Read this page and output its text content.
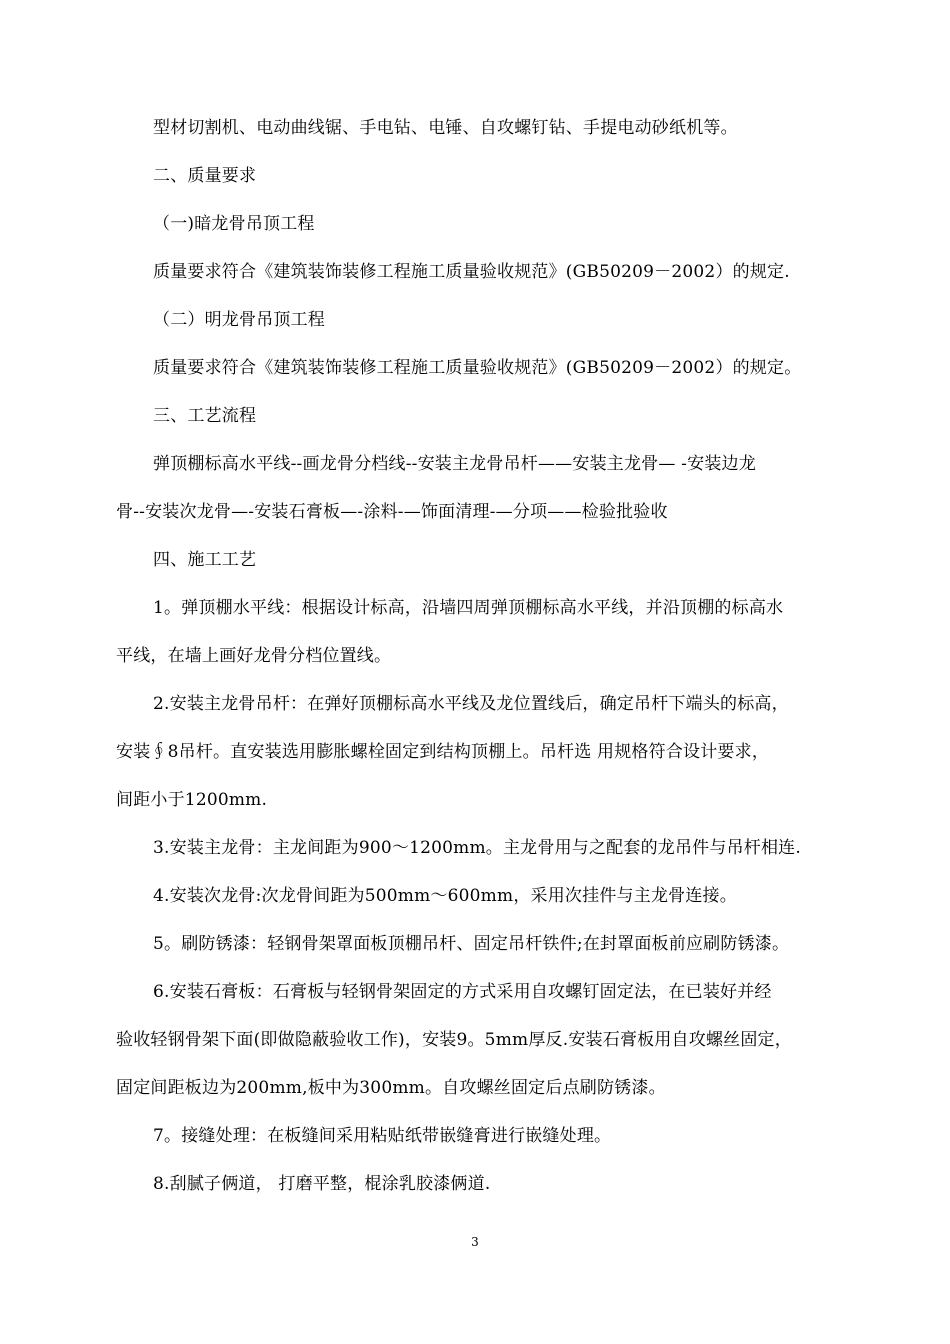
型材切割机、电动曲线锯、手电钻、电锤、自攻螺钉钻、手提电动砂纸机等。
二、质量要求
（一)暗龙骨吊顶工程
质量要求符合《建筑装饰装修工程施工质量验收规范》(GB50209－2002）的规定.
（二）明龙骨吊顶工程
质量要求符合《建筑装饰装修工程施工质量验收规范》(GB50209－2002）的规定。
三、工艺流程
弹顶棚标高水平线--画龙骨分档线--安装主龙骨吊杆——安装主龙骨— -安装边龙
骨--安装次龙骨—-安装石膏板—-涂料-—饰面清理-—分项——检验批验收
四、施工工艺
1。弹顶棚水平线：根据设计标高，沿墙四周弹顶棚标高水平线，并沿顶棚的标高水
平线，在墙上画好龙骨分档位置线。
2.安装主龙骨吊杆：在弹好顶棚标高水平线及龙位置线后，确定吊杆下端头的标高，
安装∮8吊杆。直安装选用膨胀螺栓固定到结构顶棚上。吊杆选 用规格符合设计要求，
间距小于1200mm.
3.安装主龙骨：主龙间距为900～1200mm。主龙骨用与之配套的龙吊件与吊杆相连.
4.安装次龙骨:次龙骨间距为500mm～600mm，采用次挂件与主龙骨连接。
5。刷防锈漆：轻钢骨架罩面板顶棚吊杆、固定吊杆铁件;在封罩面板前应刷防锈漆。
6.安装石膏板：石膏板与轻钢骨架固定的方式采用自攻螺钉固定法，在已装好并经
验收轻钢骨架下面(即做隐蔽验收工作)，安装9。5mm厚反.安装石膏板用自攻螺丝固定，
固定间距板边为200mm,板中为300mm。自攻螺丝固定后点刷防锈漆。
7。接缝处理：在板缝间采用粘贴纸带嵌缝膏进行嵌缝处理。
8.刮腻子俩道， 打磨平整，棍涂乳胶漆俩道.
3
